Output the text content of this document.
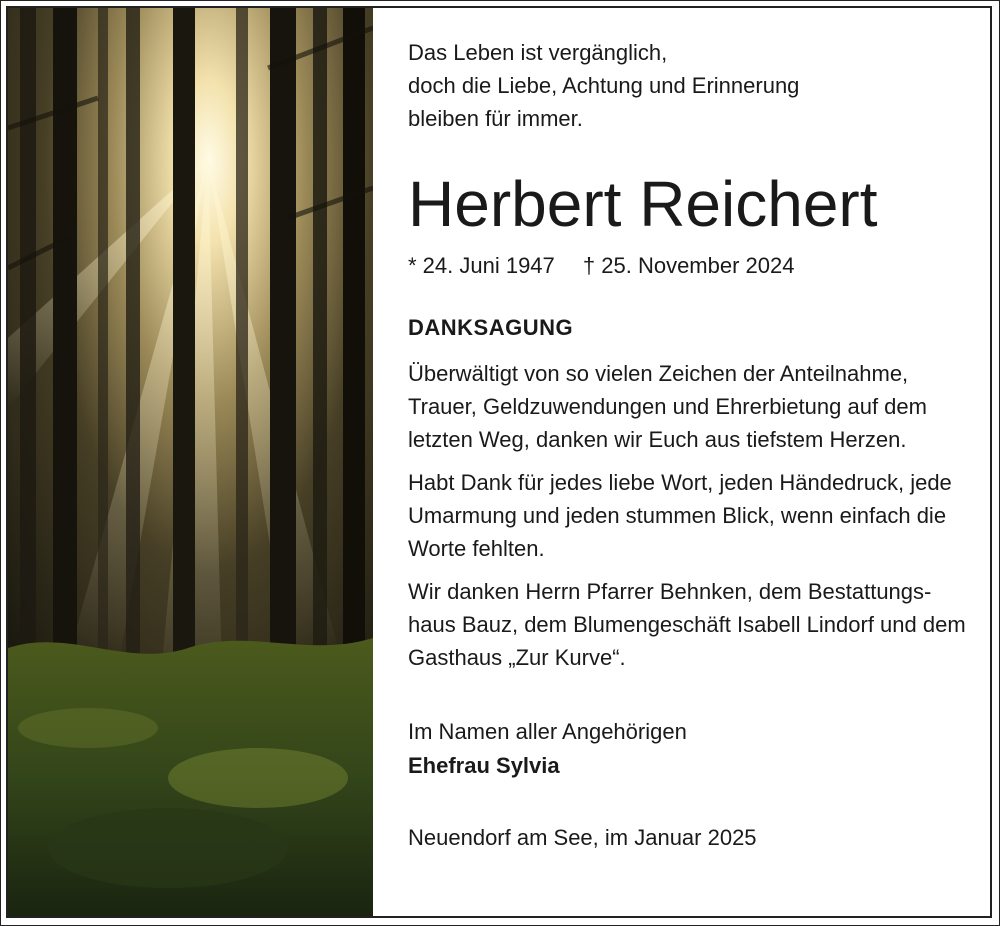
Das Leben ist vergänglich,

doch die Liebe, Achtung und Erinnerung

bleiben für immer.

Herbert Reichert
* 24. Juni 1947 † 25. November 2024
DANKSAGUNG

Überwältigt von so vielen Zeichen der Anteilnahme, Trauer, Geldzuwendungen und Ehrerbietung auf dem letzten Weg, danken wir Euch aus tiefstem Herzen.

Habt Dank für jedes liebe Wort, jeden Händedruck, jede Umarmung und jeden stummen Blick, wenn einfach die Worte fehlten.

Wir danken Herrn Pfarrer Behnken, dem Bestattungs-haus Bauz, dem Blumengeschäft Isabell Lindorf und dem Gasthaus „Zur Kurve“.

Im Namen aller Angehörigen
Ehefrau Sylvia
Neuendorf am See, im Januar 2025
